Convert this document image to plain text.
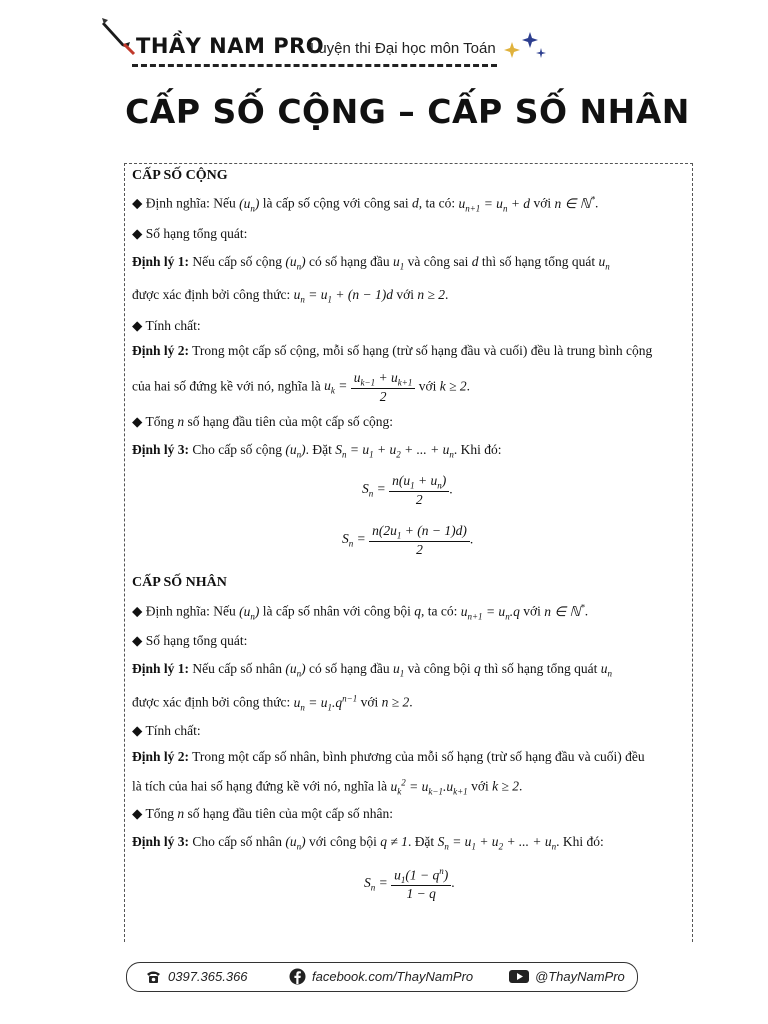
THẦY NAM PRO
Luyện thi Đại học môn Toán
CẤP SỐ CỘNG – CẤP SỐ NHÂN
CẤP SỐ CỘNG
◆ Định nghĩa: Nếu $(u_n)$ là cấp số cộng với công sai d, ta có: $u_{n+1} = u_n + d$ với n ∈ ℕ*.
◆ Số hạng tổng quát:
Định lý 1: Nếu cấp số cộng $(u_n)$ có số hạng đầu $u_1$ và công sai d thì số hạng tổng quát $u_n$
được xác định bởi công thức: $u_n = u_1 + (n - 1)d$ với n ≥ 2.
◆ Tính chất:
Định lý 2: Trong một cấp số cộng, mỗi số hạng (trừ số hạng đầu và cuối) đều là trung bình cộng
của hai số đứng kề với nó, nghĩa là $u_k = \frac{u_{k-1} + u_{k+1}}{2}$ với k ≥ 2.
◆ Tổng n số hạng đầu tiên của một cấp số cộng:
Định lý 3: Cho cấp số cộng $(u_n)$. Đặt $S_n = u_1 + u_2$ + ... + $u_n$. Khi đó:
$S_n = \frac{n(u_1 + u_n)}{2}$ .
$S_n = \frac{n(2u_1 + (n - 1)d)}{2}$ .
CẤP SỐ NHÂN
◆ Định nghĩa: Nếu $(u_n)$ là cấp số nhân với công bội q, ta có: $u_{n+1} = u_n.q$ với n ∈ ℕ*.
◆ Số hạng tổng quát:
Định lý 1: Nếu cấp số nhân $(u_n)$ có số hạng đầu $u_1$ và công bội q thì số hạng tổng quát $u_n$
được xác định bởi công thức: $u_n = u_1.q^{n-1}$ với n ≥ 2.
◆ Tính chất:
Định lý 2: Trong một cấp số nhân, bình phương của mỗi số hạng (trừ số hạng đầu và cuối) đều
là tích của hai số hạng đứng kề với nó, nghĩa là $u_k^2 = u_{k-1}.u_{k+1}$ với k ≥ 2.
◆ Tổng n số hạng đầu tiên của một cấp số nhân:
Định lý 3: Cho cấp số nhân $(u_n)$ với công bội q ≠ 1. Đặt $S_n = u_1 + u_2$ + ... + $u_n$. Khi đó:
$S_n = \frac{u_1(1 - q^n)}{1 - q}$ .
0397.365.366	facebook.com/ThayNamPro	@ThayNamPro
